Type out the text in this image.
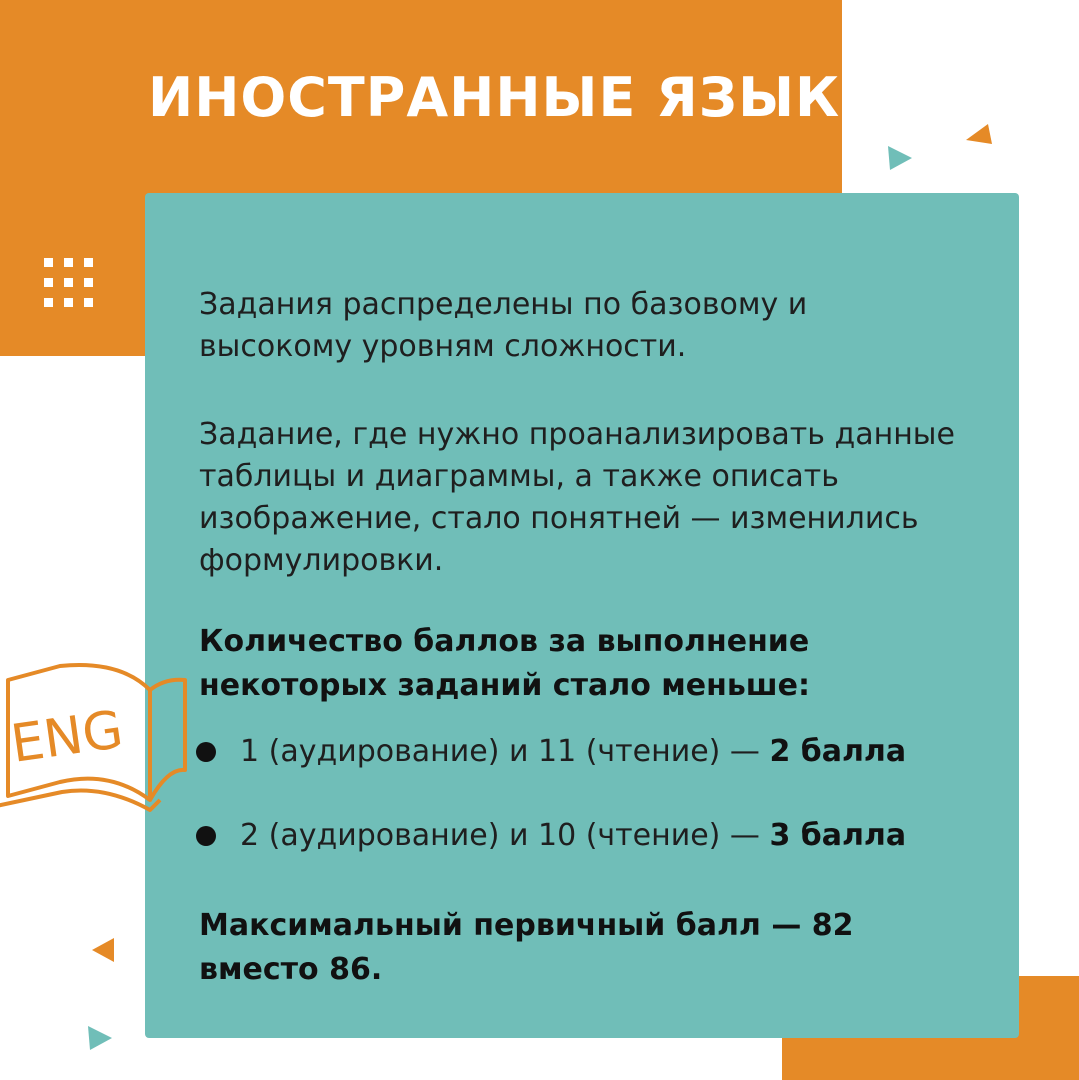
ИНОСТРАННЫЕ ЯЗЫКИ
Задания распределены по базовому и высокому уровням сложности.
Задание, где нужно проанализировать данные таблицы и диаграммы, а также описать изображение, стало понятней — изменились формулировки.
Количество баллов за выполнение некоторых заданий стало меньше:
1 (аудирование) и 11 (чтение) —
2 балла
2 (аудирование) и 10 (чтение) —
3 балла
Максимальный первичный балл — 82 вместо 86.
ENG
